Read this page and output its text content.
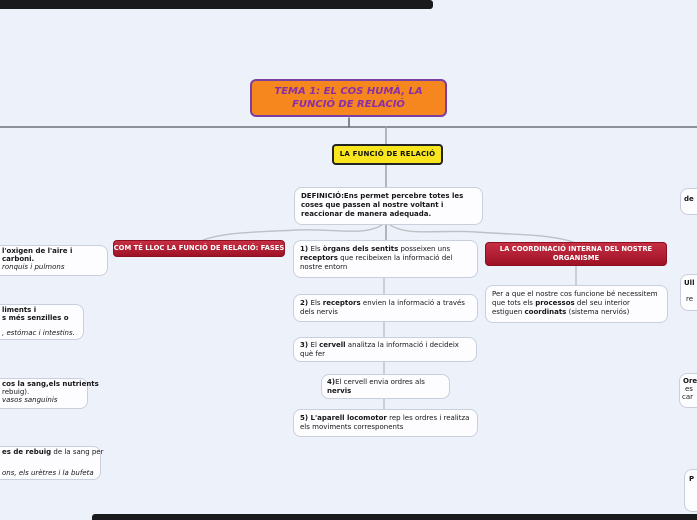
TEMA 1: EL COS HUMÀ, LA FUNCIÓ DE RELACIÓ
LA FUNCIÓ DE RELACIÓ
DEFINICIÓ:Ens permet percebre totes les coses que passen al nostre voltant i reaccionar de manera adequada.
COM TÉ LLOC LA FUNCIÓ DE RELACIÓ: FASES	LA COORDINACIÓ INTERNA DEL NOSTRE ORGANISME
Per a que el nostre cos funcione bé necessitem que tots els processos del seu interior estiguen coordinats (sistema nerviós)
1) Els òrgans dels sentits posseixen uns receptors que recibeixen la informació del nostre entorn
2) Els receptors envien la informació a través dels nervis
3) El cervell analitza la informació i decideix què fer
4)El cervell envia ordres als nervis
5) L'aparell locomotor rep les ordres i realitza els moviments corresponents
l'oxigen de l'aire i
carboni.
ronquis i pulmons
liments i
s més senzilles o
, estómac i intestins.
cos la sang,els nutrients
rebuig).
vasos sanguinis
es de rebuig de la sang per
ons, els urètres i la bufeta
de
Ull
re
Ore
es
car
P
